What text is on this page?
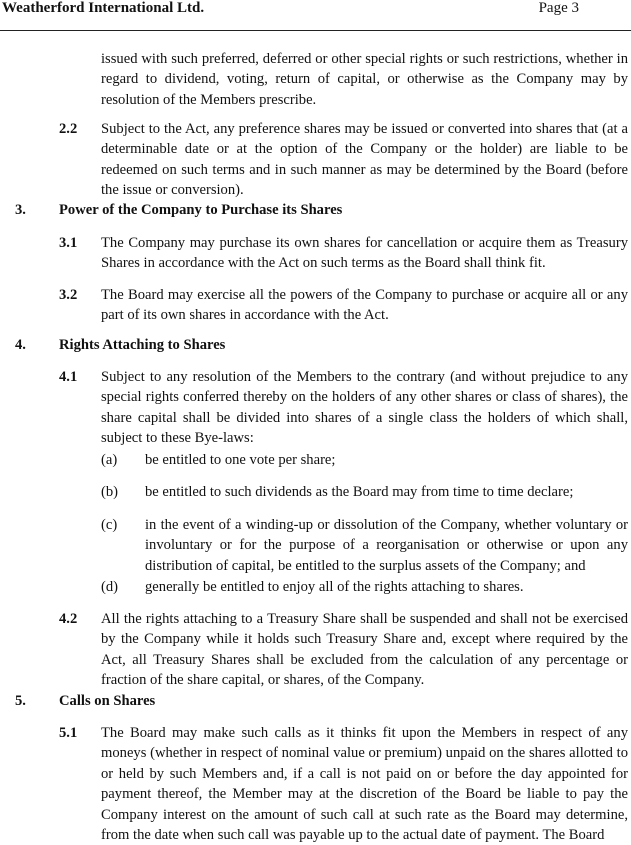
Weatherford International Ltd.	Page 3
issued with such preferred, deferred or other special rights or such restrictions, whether in regard to dividend, voting, return of capital, or otherwise as the Company may by resolution of the Members prescribe.
2.2 Subject to the Act, any preference shares may be issued or converted into shares that (at a determinable date or at the option of the Company or the holder) are liable to be redeemed on such terms and in such manner as may be determined by the Board (before the issue or conversion).
3. Power of the Company to Purchase its Shares
3.1 The Company may purchase its own shares for cancellation or acquire them as Treasury Shares in accordance with the Act on such terms as the Board shall think fit.
3.2 The Board may exercise all the powers of the Company to purchase or acquire all or any part of its own shares in accordance with the Act.
4. Rights Attaching to Shares
4.1 Subject to any resolution of the Members to the contrary (and without prejudice to any special rights conferred thereby on the holders of any other shares or class of shares), the share capital shall be divided into shares of a single class the holders of which shall, subject to these Bye-laws:
(a) be entitled to one vote per share;
(b) be entitled to such dividends as the Board may from time to time declare;
(c) in the event of a winding-up or dissolution of the Company, whether voluntary or involuntary or for the purpose of a reorganisation or otherwise or upon any distribution of capital, be entitled to the surplus assets of the Company; and
(d) generally be entitled to enjoy all of the rights attaching to shares.
4.2 All the rights attaching to a Treasury Share shall be suspended and shall not be exercised by the Company while it holds such Treasury Share and, except where required by the Act, all Treasury Shares shall be excluded from the calculation of any percentage or fraction of the share capital, or shares, of the Company.
5. Calls on Shares
5.1 The Board may make such calls as it thinks fit upon the Members in respect of any moneys (whether in respect of nominal value or premium) unpaid on the shares allotted to or held by such Members and, if a call is not paid on or before the day appointed for payment thereof, the Member may at the discretion of the Board be liable to pay the Company interest on the amount of such call at such rate as the Board may determine, from the date when such call was payable up to the actual date of payment. The Board
